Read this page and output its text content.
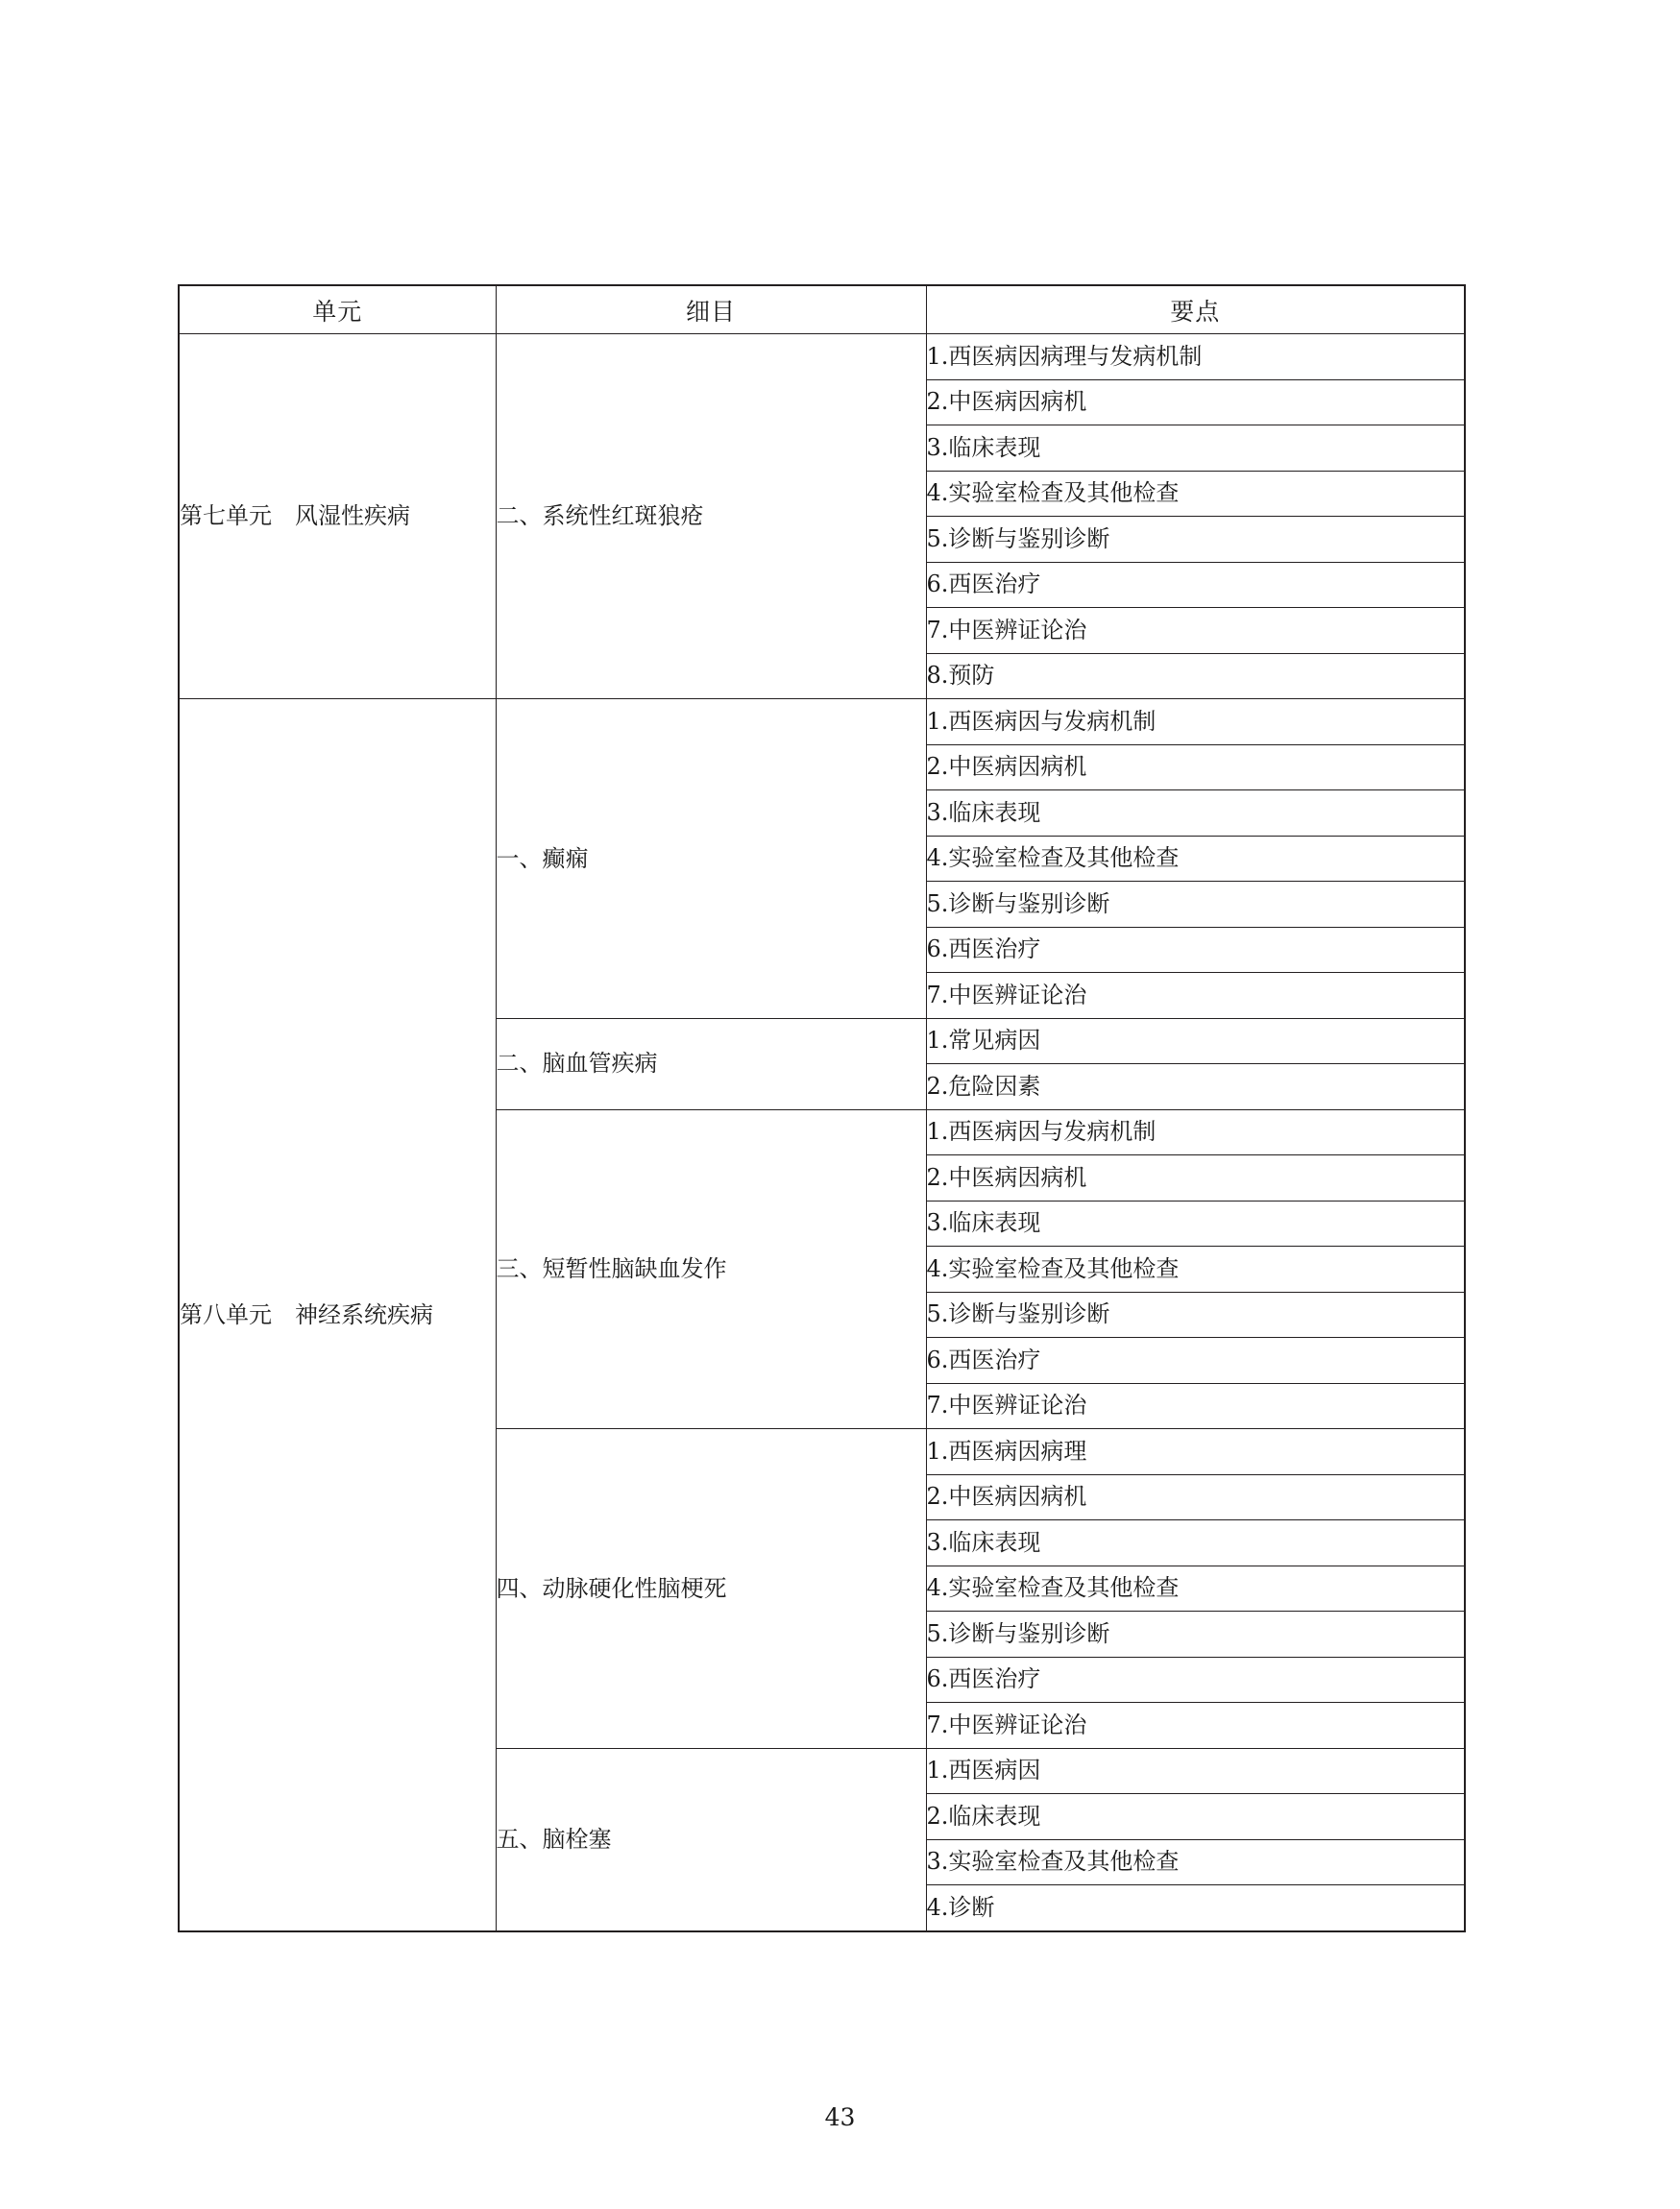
单元	细目	要点
第七单元　风湿性疾病	二、系统性红斑狼疮	1.西医病因病理与发病机制
		2.中医病因病机
		3.临床表现
		4.实验室检查及其他检查
		5.诊断与鉴别诊断
		6.西医治疗
		7.中医辨证论治
		8.预防
第八单元　神经系统疾病	一、癫痫	1.西医病因与发病机制
		2.中医病因病机
		3.临床表现
		4.实验室检查及其他检查
		5.诊断与鉴别诊断
		6.西医治疗
		7.中医辨证论治
	二、脑血管疾病	1.常见病因
		2.危险因素
	三、短暂性脑缺血发作	1.西医病因与发病机制
		2.中医病因病机
		3.临床表现
		4.实验室检查及其他检查
		5.诊断与鉴别诊断
		6.西医治疗
		7.中医辨证论治
	四、动脉硬化性脑梗死	1.西医病因病理
		2.中医病因病机
		3.临床表现
		4.实验室检查及其他检查
		5.诊断与鉴别诊断
		6.西医治疗
		7.中医辨证论治
	五、脑栓塞	1.西医病因
		2.临床表现
		3.实验室检查及其他检查
		4.诊断
43
